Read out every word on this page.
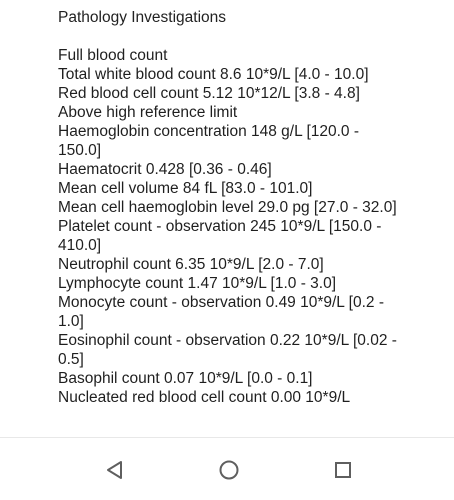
Pathology Investigations
Full blood count
Total white blood count 8.6 10*9/L [4.0 - 10.0]
Red blood cell count 5.12 10*12/L [3.8 - 4.8]
Above high reference limit
Haemoglobin concentration 148 g/L [120.0 - 150.0]
Haematocrit 0.428 [0.36 - 0.46]
Mean cell volume 84 fL [83.0 - 101.0]
Mean cell haemoglobin level 29.0 pg [27.0 - 32.0]
Platelet count - observation 245 10*9/L [150.0 - 410.0]
Neutrophil count 6.35 10*9/L [2.0 - 7.0]
Lymphocyte count 1.47 10*9/L [1.0 - 3.0]
Monocyte count - observation 0.49 10*9/L [0.2 - 1.0]
Eosinophil count - observation 0.22 10*9/L [0.02 - 0.5]
Basophil count 0.07 10*9/L [0.0 - 0.1]
Nucleated red blood cell count 0.00 10*9/L
